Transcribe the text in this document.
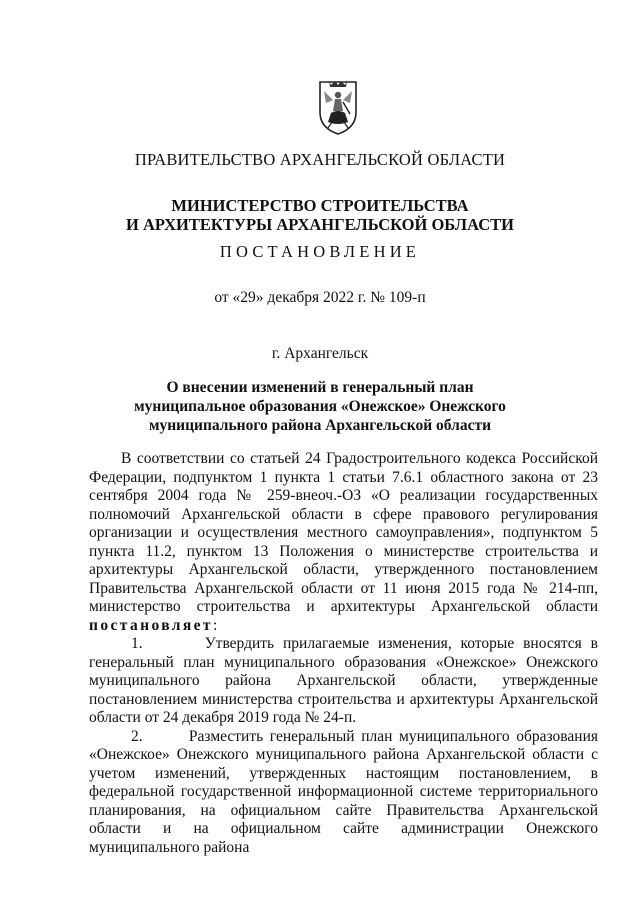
ПРАВИТЕЛЬСТВО АРХАНГЕЛЬСКОЙ ОБЛАСТИ
МИНИСТЕРСТВО СТРОИТЕЛЬСТВА
И АРХИТЕКТУРЫ АРХАНГЕЛЬСКОЙ ОБЛАСТИ
ПОСТАНОВЛЕНИЕ
от «29» декабря 2022 г. № 109-п
г. Архангельск
О внесении изменений в генеральный план
муниципальное образования «Онежское» Онежского
муниципального района Архангельской области

В соответствии со статьей 24 Градостроительного кодекса Российской Федерации, подпунктом 1 пункта 1 статьи 7.6.1 областного закона от 23 сентября 2004 года № 259-внеоч.-ОЗ «О реализации государственных полномочий Архангельской области в сфере правового регулирования организации и осуществления местного самоуправления», подпунктом 5 пункта 11.2, пунктом 13 Положения о министерстве строительства и архитектуры Архангельской области, утвержденного постановлением Правительства Архангельской области от 11 июня 2015 года № 214-пп, министерство строительства и архитектуры Архангельской области постановляет:

1.	Утвердить прилагаемые изменения, которые вносятся в генеральный план муниципального образования «Онежское» Онежского муниципального района Архангельской области, утвержденные постановлением министерства строительства и архитектуры Архангельской области от 24 декабря 2019 года № 24-п.

2.	Разместить генеральный план муниципального образования «Онежское» Онежского муниципального района Архангельской области с учетом изменений, утвержденных настоящим постановлением, в федеральной государственной информационной системе территориального планирования, на официальном сайте Правительства Архангельской области и на официальном сайте администрации Онежского муниципального района
